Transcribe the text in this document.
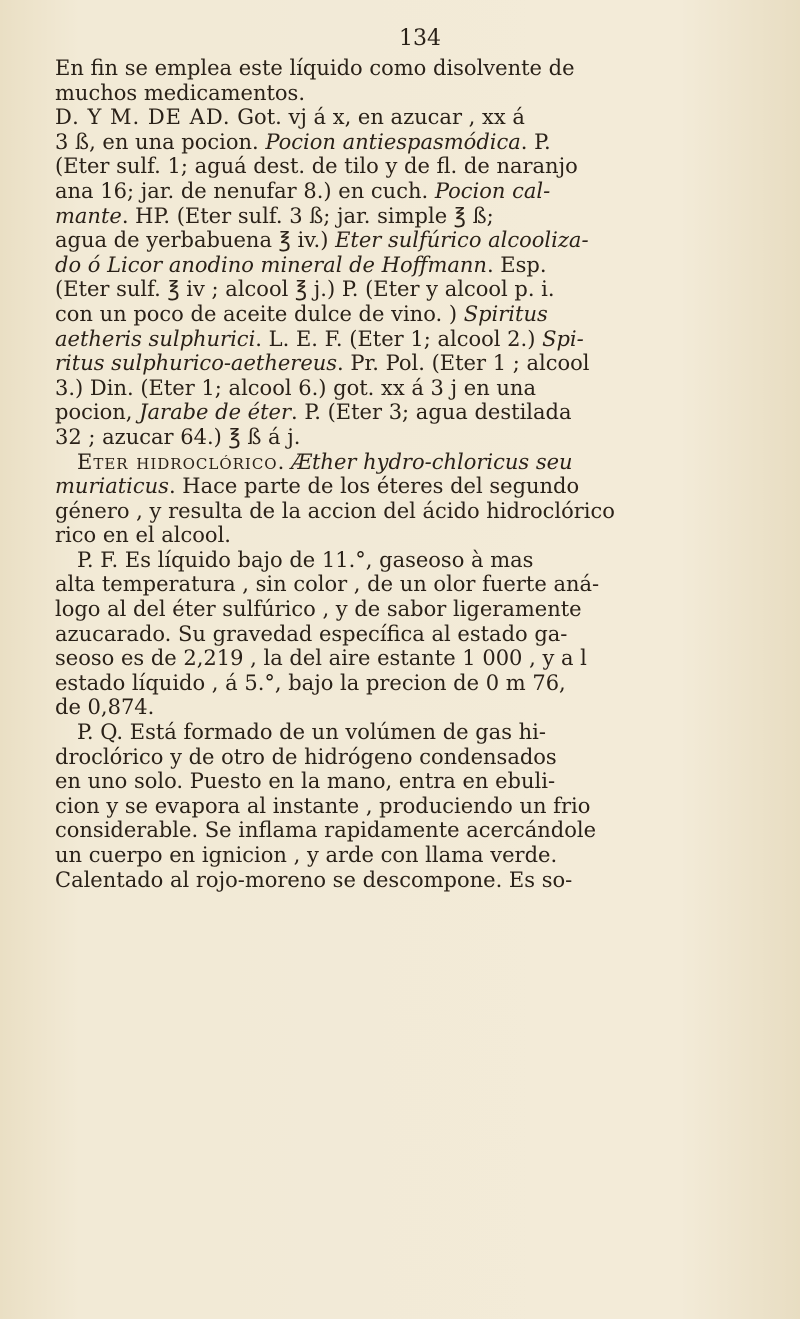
134
En fin se emplea este líquido como disolvente de
muchos medicamentos.
D. Y M. DE AD. Got. vj á x, en azucar , xx á
3 ß, en una pocion. Pocion antiespasmódica. P.
(Eter sulf. 1; aguá dest. de tilo y de fl. de naranjo
ana 16; jar. de nenufar 8.) en cuch. Pocion cal-
mante. HP. (Eter sulf. 3 ß; jar. simple ℥ ß;
agua de yerbabuena ℥ iv.) Eter sulfúrico alcooliza-
do ó Licor anodino mineral de Hoffmann. Esp.
(Eter sulf. ℥ iv ; alcool ℥ j.) P. (Eter y alcool p. i.
con un poco de aceite dulce de vino. ) Spiritus
aetheris sulphurici. L. E. F. (Eter 1; alcool 2.) Spi-
ritus sulphurico-aethereus. Pr. Pol. (Eter 1 ; alcool
3.) Din. (Eter 1; alcool 6.) got. xx á 3 j en una
pocion, Jarabe de éter. P. (Eter 3; agua destilada
32 ; azucar 64.) ℥ ß á j.
Eter hidroclórico. Æther hydro-chloricus seu
muriaticus. Hace parte de los éteres del segundo
género , y resulta de la accion del ácido hidroclórico
rico en el alcool.
P. F. Es líquido bajo de 11.°, gaseoso à mas
alta temperatura , sin color , de un olor fuerte aná-
logo al del éter sulfúrico , y de sabor ligeramente
azucarado. Su gravedad específica al estado ga-
seoso es de 2,219 , la del aire estante 1 000 , y a l
estado líquido , á 5.°, bajo la precion de 0 m 76,
de 0,874.
P. Q. Está formado de un volúmen de gas hi-
droclórico y de otro de hidrógeno condensados
en uno solo. Puesto en la mano, entra en ebuli-
cion y se evapora al instante , produciendo un frio
considerable. Se inflama rapidamente acercándole
un cuerpo en ignicion , y arde con llama verde.
Calentado al rojo-moreno se descompone. Es so-
